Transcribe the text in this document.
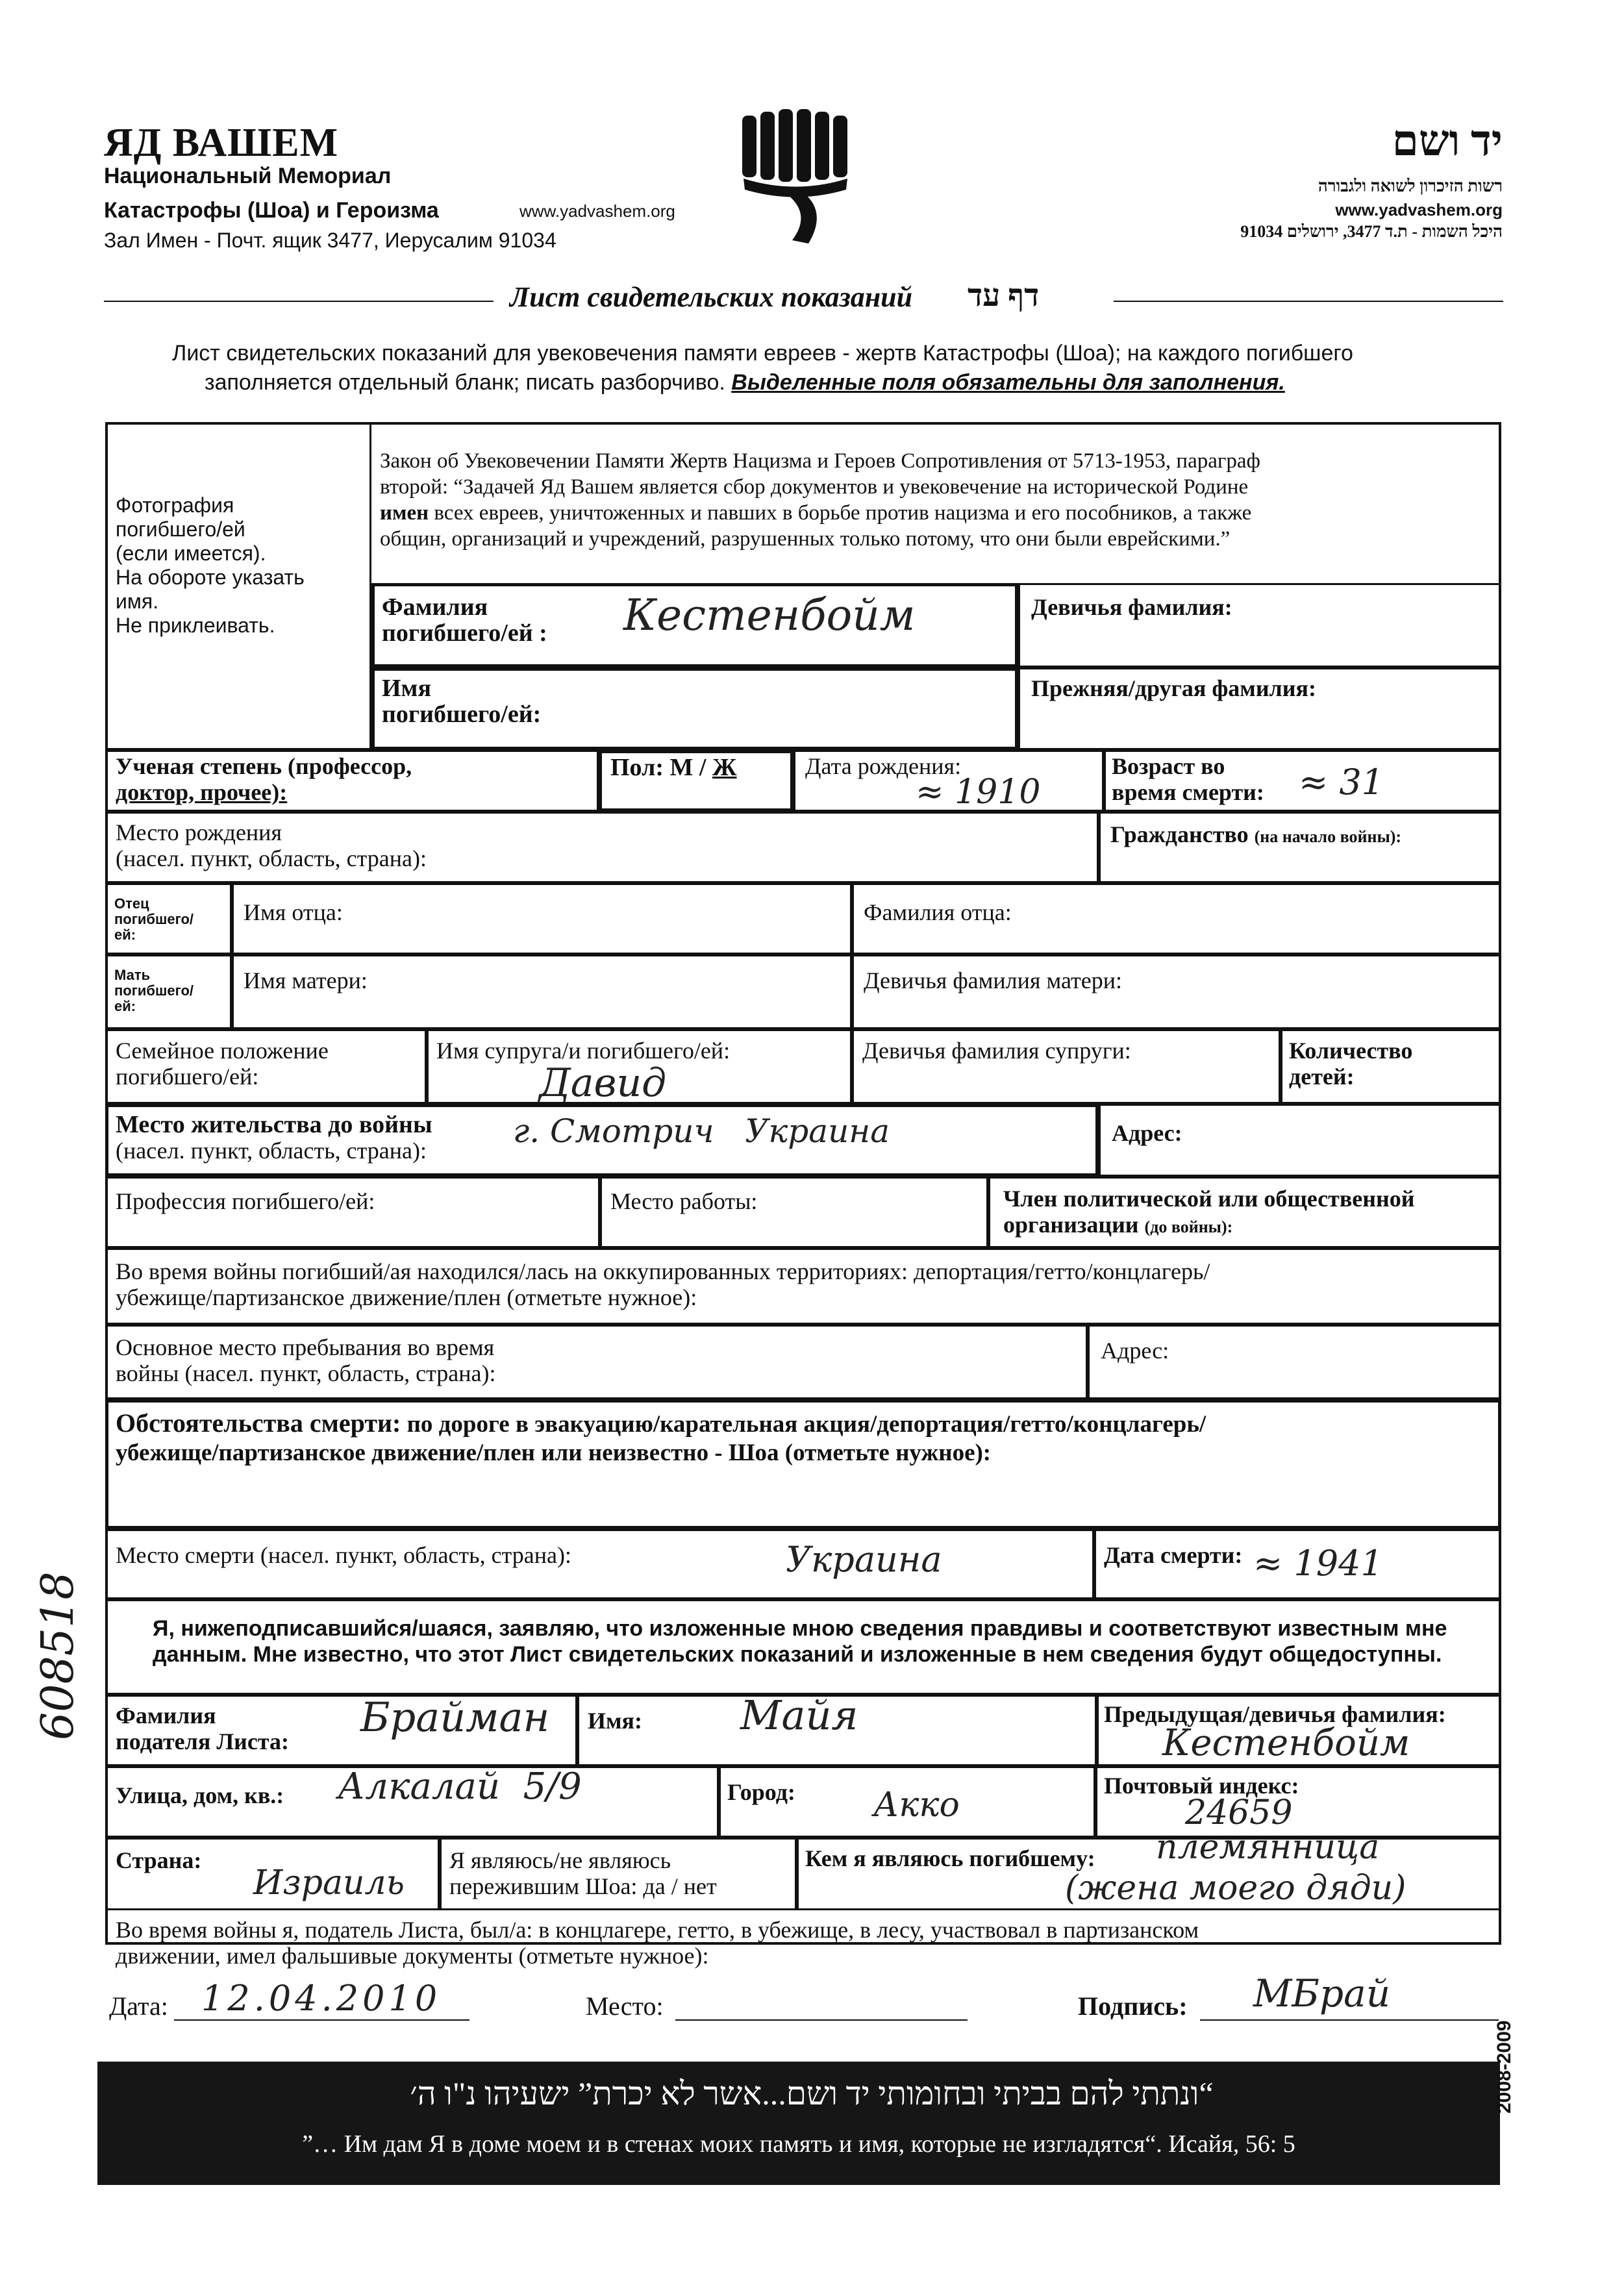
ЯД ВАШЕМ
Национальный Мемориал
Катастрофы (Шоа) и Героизма	www.yadvashem.org
Зал Имен - Почт. ящик 3477, Иерусалим 91034
יד ושם
רשות הזיכרון לשואה ולגבורה
www.yadvashem.org
היכל השמות - ת.ד 3477, ירושלים 91034
Лист свидетельских показаний דף עד
Лист свидетельских показаний для увековечения памяти евреев - жертв Катастрофы (Шоа); на каждого погибшего
заполняется отдельный бланк; писать разборчиво. Выделенные поля обязательны для заполнения.
Фотография
погибшего/ей
(если имеется).
На обороте указать
имя.
Не приклеивать.
Закон об Увековечении Памяти Жертв Нацизма и Героев Сопротивления от 5713-1953, параграф
второй: “Задачей Яд Вашем является сбор документов и увековечение на исторической Родине
имен всех евреев, уничтоженных и павших в борьбе против нацизма и его пособников, а также
общин, организаций и учреждений, разрушенных только потому, что они были еврейскими.”
Фамилия
погибшего/ей : Кестенбойм	Девичья фамилия:
Имя
погибшего/ей:
Прежняя/другая фамилия:
Ученая степень (профессор,
доктор, прочее):
Пол: М / Ж	Дата рождения:
≈ 1910
Возраст во
время смерти: ≈ 31
Место рождения
(насел. пункт, область, страна):
Гражданство (на начало войны):
Отец
погибшего/
ей:
Имя отца:	Фамилия отца:
Мать
погибшего/
ей:
Имя матери:	Девичья фамилия матери:
Семейное положение
погибшего/ей:
Имя супруга/и погибшего/ей:
Давид
Девичья фамилия супруги:	Количество
детей:
Место жительства до войны
(насел. пункт, область, страна):
г. Смотрич   Украина	Адрес:
Профессия погибшего/ей:	Место работы:	Член политической или общественной
организации (до войны):
Во время войны погибший/ая находился/лась на оккупированных территориях: депортация/гетто/концлагерь/
убежище/партизанское движение/плен (отметьте нужное):
Основное место пребывания во время
войны (насел. пункт, область, страна):
Адрес:
Обстоятельства смерти: по дороге в эвакуацию/карательная акция/депортация/гетто/концлагерь/
убежище/партизанское движение/плен или неизвестно - Шоа (отметьте нужное):
Место смерти (насел. пункт, область, страна):	Украина	Дата смерти: ≈ 1941
Я, нижеподписавшийся/шаяся, заявляю, что изложенные мною сведения правдивы и соответствуют известным мне
данным. Мне известно, что этот Лист свидетельских показаний и изложенные в нем сведения будут общедоступны.
Фамилия
подателя Листа:
Брайман Имя: Майя	Предыдущая/девичья фамилия:
Кестенбойм
Улица, дом, кв.: Алкалай  5/9	Город: Акко	Почтовый индекс:
24659
Страна:
Израиль
Я являюсь/не являюсь
пережившим Шоа: да / нет
Кем я являюсь погибшему: племянница
(жена моего дяди)
Во время войны я, податель Листа, был/а: в концлагере, гетто, в убежище, в лесу, участвовал в партизанском
движении, имел фальшивые документы (отметьте нужное):
Дата: 12.04.2010	Место:	Подпись: МБрай
“ונתתי להם בביתי ובחומותי יד ושם...אשר לא יכרת” ישעיהו נ"ו ה׳
”… Им дам Я в доме моем и в стенах моих память и имя, которые не изгладятся“. Исайя, 56: 5
2008-2009
608518
